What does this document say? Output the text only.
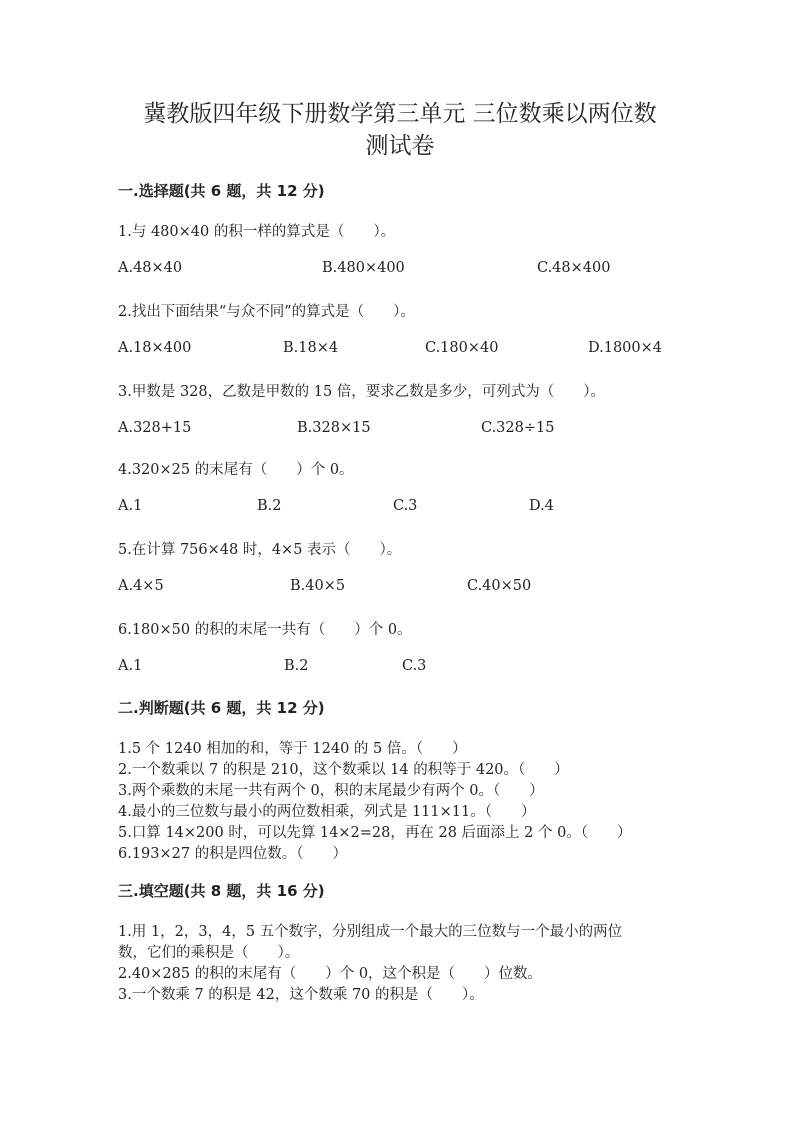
冀教版四年级下册数学第三单元 三位数乘以两位数
测试卷
一.选择题(共 6 题，共 12 分)
1.与 480×40 的积一样的算式是（　　）。
A.48×40	B.480×400	C.48×400
2.找出下面结果“与众不同”的算式是（　　）。
A.18×400	B.18×4	C.180×40	D.1800×4
3.甲数是 328，乙数是甲数的 15 倍，要求乙数是多少，可列式为（　　）。
A.328+15	B.328×15	C.328÷15
4.320×25 的末尾有（　　）个 0。
A.1	B.2	C.3	D.4
5.在计算 756×48 时，4×5 表示（　　）。
A.4×5	B.40×5	C.40×50
6.180×50 的积的末尾一共有（　　）个 0。
A.1	B.2	C.3
二.判断题(共 6 题，共 12 分)
1.5 个 1240 相加的和，等于 1240 的 5 倍。（　　）
2.一个数乘以 7 的积是 210，这个数乘以 14 的积等于 420。（　　）
3.两个乘数的末尾一共有两个 0，积的末尾最少有两个 0。（　　）
4.最小的三位数与最小的两位数相乘，列式是 111×11。（　　）
5.口算 14×200 时，可以先算 14×2=28，再在 28 后面添上 2 个 0。（　　）
6.193×27 的积是四位数。（　　）
三.填空题(共 8 题，共 16 分)
1.用 1，2，3，4，5 五个数字，分别组成一个最大的三位数与一个最小的两位
数，它们的乘积是（　　）。
2.40×285 的积的末尾有（　　）个 0，这个积是（　　）位数。
3.一个数乘 7 的积是 42，这个数乘 70 的积是（　　）。
